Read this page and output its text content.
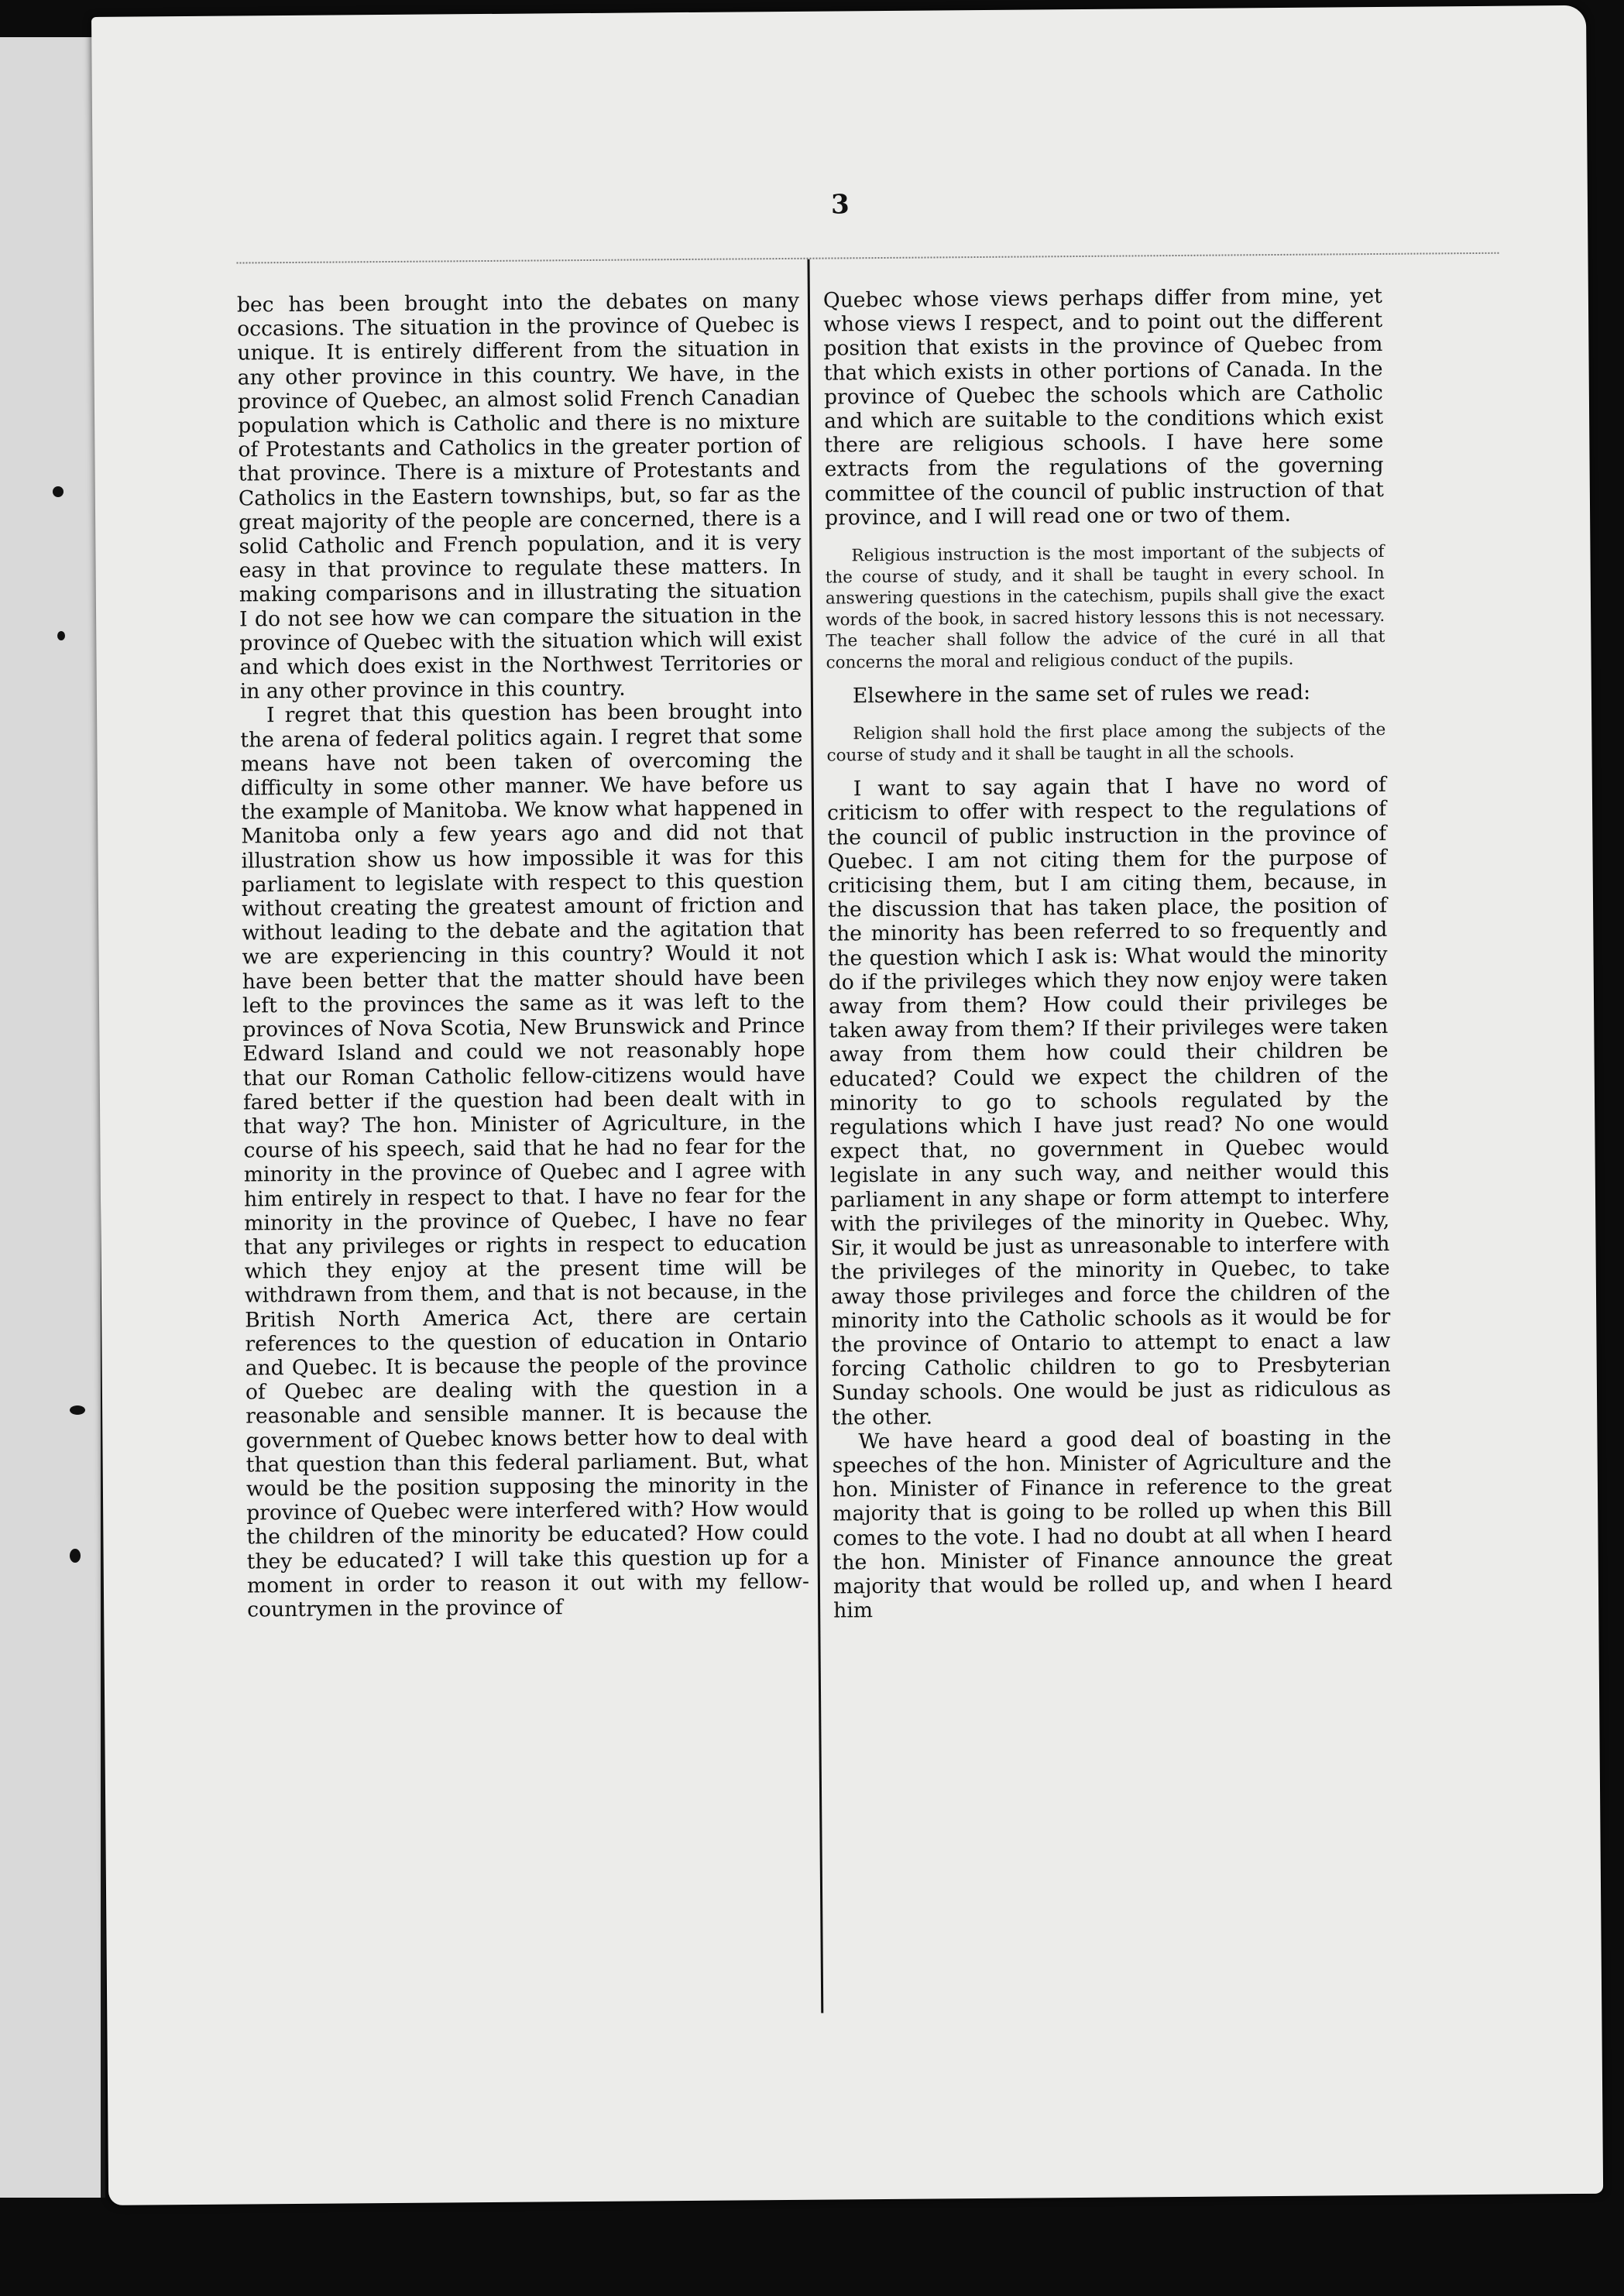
3

bec has been brought into the debates on many occasions. The situation in the province of Quebec is unique. It is entirely different from the situation in any other province in this country. We have, in the province of Quebec, an almost solid French Canadian population which is Catholic and there is no mixture of Protestants and Catholics in the greater portion of that province. There is a mixture of Protestants and Catholics in the Eastern townships, but, so far as the great majority of the people are concerned, there is a solid Catholic and French population, and it is very easy in that province to regulate these matters. In making comparisons and in illustrating the situation I do not see how we can compare the situation in the province of Quebec with the situation which will exist and which does exist in the Northwest Territories or in any other province in this country.

I regret that this question has been brought into the arena of federal politics again. I regret that some means have not been taken of overcoming the difficulty in some other manner. We have before us the example of Manitoba. We know what happened in Manitoba only a few years ago and did not that illustration show us how impossible it was for this parliament to legislate with respect to this question without creating the greatest amount of friction and without leading to the debate and the agitation that we are experiencing in this country? Would it not have been better that the matter should have been left to the provinces the same as it was left to the provinces of Nova Scotia, New Brunswick and Prince Edward Island and could we not reasonably hope that our Roman Catholic fellow-citizens would have fared better if the question had been dealt with in that way? The hon. Minister of Agriculture, in the course of his speech, said that he had no fear for the minority in the province of Quebec and I agree with him entirely in respect to that. I have no fear for the minority in the province of Quebec, I have no fear that any privileges or rights in respect to education which they enjoy at the present time will be withdrawn from them, and that is not because, in the British North America Act, there are certain references to the question of education in Ontario and Quebec. It is because the people of the province of Quebec are dealing with the question in a reasonable and sensible manner. It is because the government of Quebec knows better how to deal with that question than this federal parliament. But, what would be the position supposing the minority in the province of Quebec were interfered with? How would the children of the minority be educated? How could they be educated? I will take this question up for a moment in order to reason it out with my fellow-countrymen in the province of

Quebec whose views perhaps differ from mine, yet whose views I respect, and to point out the different position that exists in the province of Quebec from that which exists in other portions of Canada. In the province of Quebec the schools which are Catholic and which are suitable to the conditions which exist there are religious schools. I have here some extracts from the regulations of the governing committee of the council of public instruction of that province, and I will read one or two of them.

Religious instruction is the most important of the subjects of the course of study, and it shall be taught in every school. In answering questions in the catechism, pupils shall give the exact words of the book, in sacred history lessons this is not necessary. The teacher shall follow the advice of the curé in all that concerns the moral and religious conduct of the pupils.

Elsewhere in the same set of rules we read:

Religion shall hold the first place among the subjects of the course of study and it shall be taught in all the schools.

I want to say again that I have no word of criticism to offer with respect to the regulations of the council of public instruction in the province of Quebec. I am not citing them for the purpose of criticising them, but I am citing them, because, in the discussion that has taken place, the position of the minority has been referred to so frequently and the question which I ask is: What would the minority do if the privileges which they now enjoy were taken away from them? How could their privileges be taken away from them? If their privileges were taken away from them how could their children be educated? Could we expect the children of the minority to go to schools regulated by the regulations which I have just read? No one would expect that, no government in Quebec would legislate in any such way, and neither would this parliament in any shape or form attempt to interfere with the privileges of the minority in Quebec. Why, Sir, it would be just as unreasonable to interfere with the privileges of the minority in Quebec, to take away those privileges and force the children of the minority into the Catholic schools as it would be for the province of Ontario to attempt to enact a law forcing Catholic children to go to Presbyterian Sunday schools. One would be just as ridiculous as the other.

We have heard a good deal of boasting in the speeches of the hon. Minister of Agriculture and the hon. Minister of Finance in reference to the great majority that is going to be rolled up when this Bill comes to the vote. I had no doubt at all when I heard the hon. Minister of Finance announce the great majority that would be rolled up, and when I heard him
